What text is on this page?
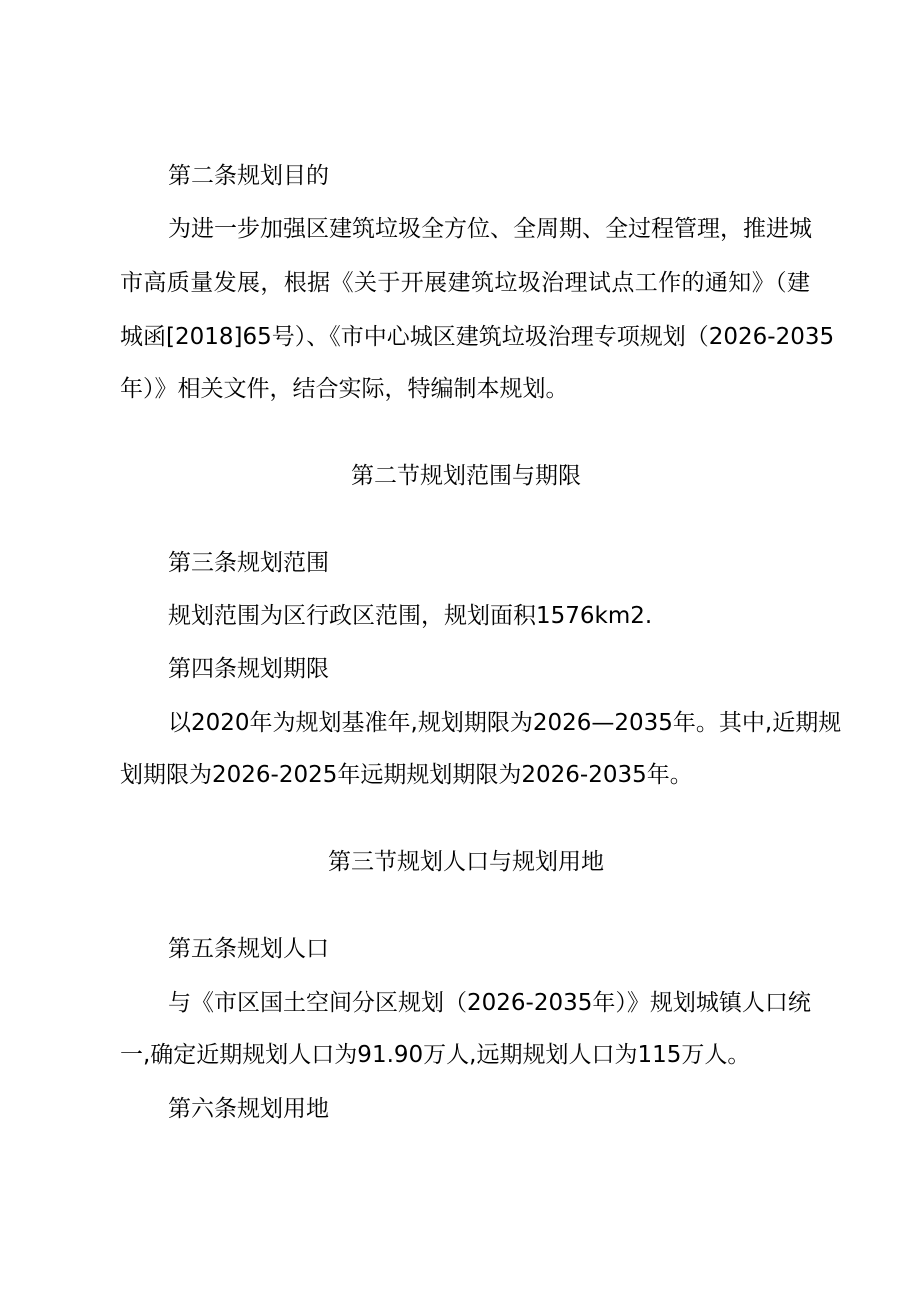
第二条规划目的
为进一步加强区建筑垃圾全方位、全周期、全过程管理，推进城
市高质量发展，根据《关于开展建筑垃圾治理试点工作的通知》（建
城函[2018]65号）、《市中心城区建筑垃圾治理专项规划（2026-2035
年）》相关文件，结合实际，特编制本规划。
第二节规划范围与期限
第三条规划范围
规划范围为区行政区范围，规划面积1576km2.
第四条规划期限
以2020年为规划基准年,规划期限为2026—2035年。其中,近期规
划期限为2026-2025年远期规划期限为2026-2035年。
第三节规划人口与规划用地
第五条规划人口
与《市区国土空间分区规划（2026-2035年）》规划城镇人口统
一,确定近期规划人口为91.90万人,远期规划人口为115万人。
第六条规划用地
